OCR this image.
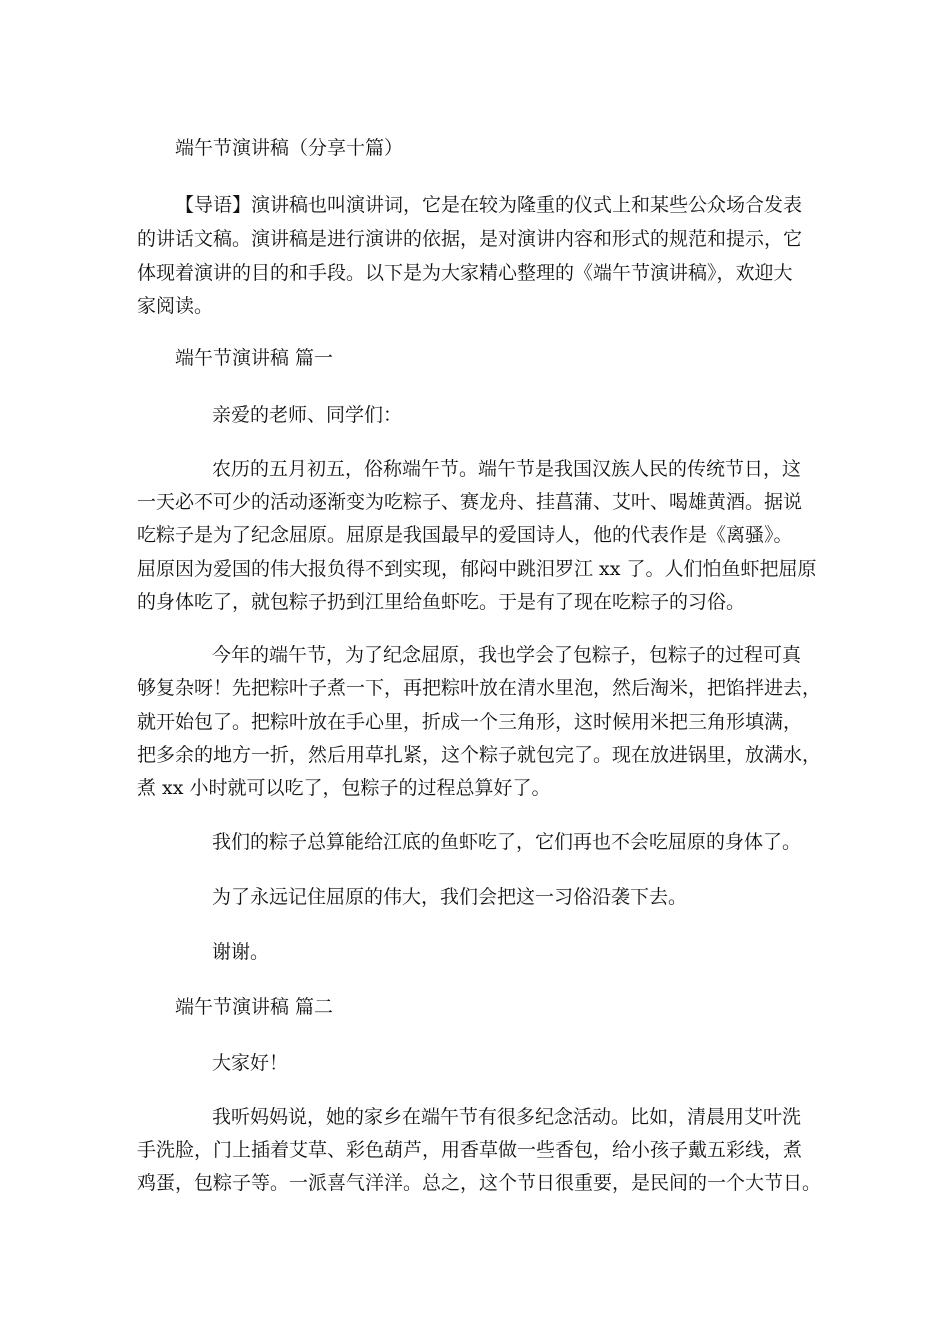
端午节演讲稿（分享十篇）
【导语】演讲稿也叫演讲词，它是在较为隆重的仪式上和某些公众场合发表
的讲话文稿。演讲稿是进行演讲的依据，是对演讲内容和形式的规范和提示，它
体现着演讲的目的和手段。以下是为大家精心整理的《端午节演讲稿》，欢迎大
家阅读。
端午节演讲稿 篇一
亲爱的老师、同学们：
农历的五月初五，俗称端午节。端午节是我国汉族人民的传统节日，这
一天必不可少的活动逐渐变为吃粽子、赛龙舟、挂菖蒲、艾叶、喝雄黄酒。据说
吃粽子是为了纪念屈原。屈原是我国最早的爱国诗人，他的代表作是《离骚》。
屈原因为爱国的伟大报负得不到实现，郁闷中跳汨罗江 xx 了。人们怕鱼虾把屈原
的身体吃了，就包粽子扔到江里给鱼虾吃。于是有了现在吃粽子的习俗。
今年的端午节，为了纪念屈原，我也学会了包粽子，包粽子的过程可真
够复杂呀！先把粽叶子煮一下，再把粽叶放在清水里泡，然后淘米，把馅拌进去，
就开始包了。把粽叶放在手心里，折成一个三角形，这时候用米把三角形填满，
把多余的地方一折，然后用草扎紧，这个粽子就包完了。现在放进锅里，放满水，
煮 xx 小时就可以吃了，包粽子的过程总算好了。
我们的粽子总算能给江底的鱼虾吃了，它们再也不会吃屈原的身体了。
为了永远记住屈原的伟大，我们会把这一习俗沿袭下去。
谢谢。
端午节演讲稿 篇二
大家好！
我听妈妈说，她的家乡在端午节有很多纪念活动。比如，清晨用艾叶洗
手洗脸，门上插着艾草、彩色葫芦，用香草做一些香包，给小孩子戴五彩线，煮
鸡蛋，包粽子等。一派喜气洋洋。总之，这个节日很重要，是民间的一个大节日。
